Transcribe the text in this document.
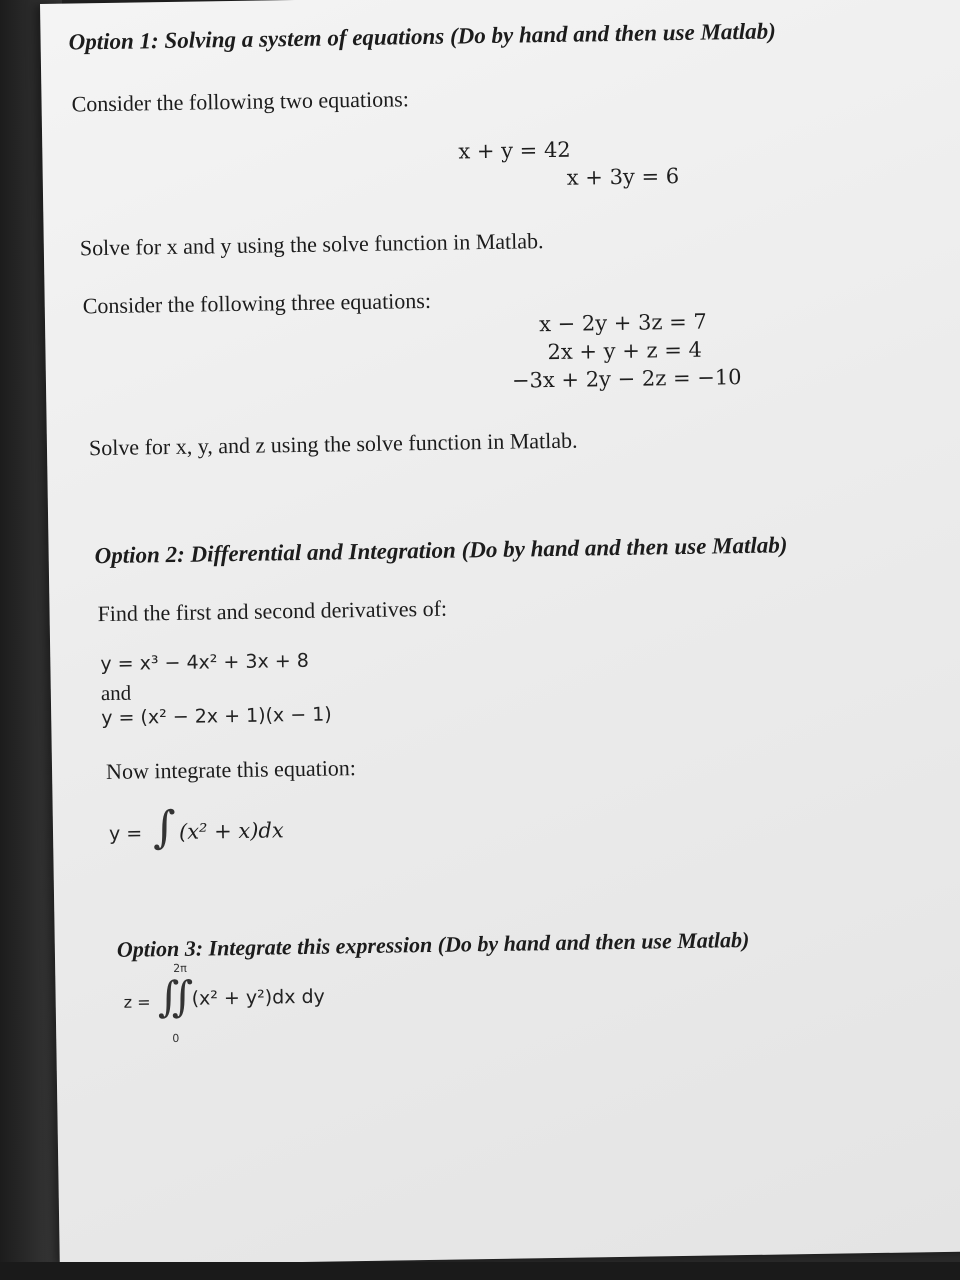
Option 1: Solving a system of equations (Do by hand and then use Matlab)
Consider the following two equations:
x + y = 42
x + 3y = 6
Solve for x and y using the solve function in Matlab.
Consider the following three equations:
x − 2y + 3z = 7
2x + y + z = 4
−3x + 2y − 2z = −10
Solve for x, y, and z using the solve function in Matlab.
Option 2: Differential and Integration (Do by hand and then use Matlab)
Find the first and second derivatives of:
y = x³ − 4x² + 3x + 8
and
y = (x² − 2x + 1)(x − 1)
Now integrate this equation:
y = ∫ (x² + x)dx
Option 3: Integrate this expression (Do by hand and then use Matlab)
2π
z = ∬
(x² + y²)dx dy
0
